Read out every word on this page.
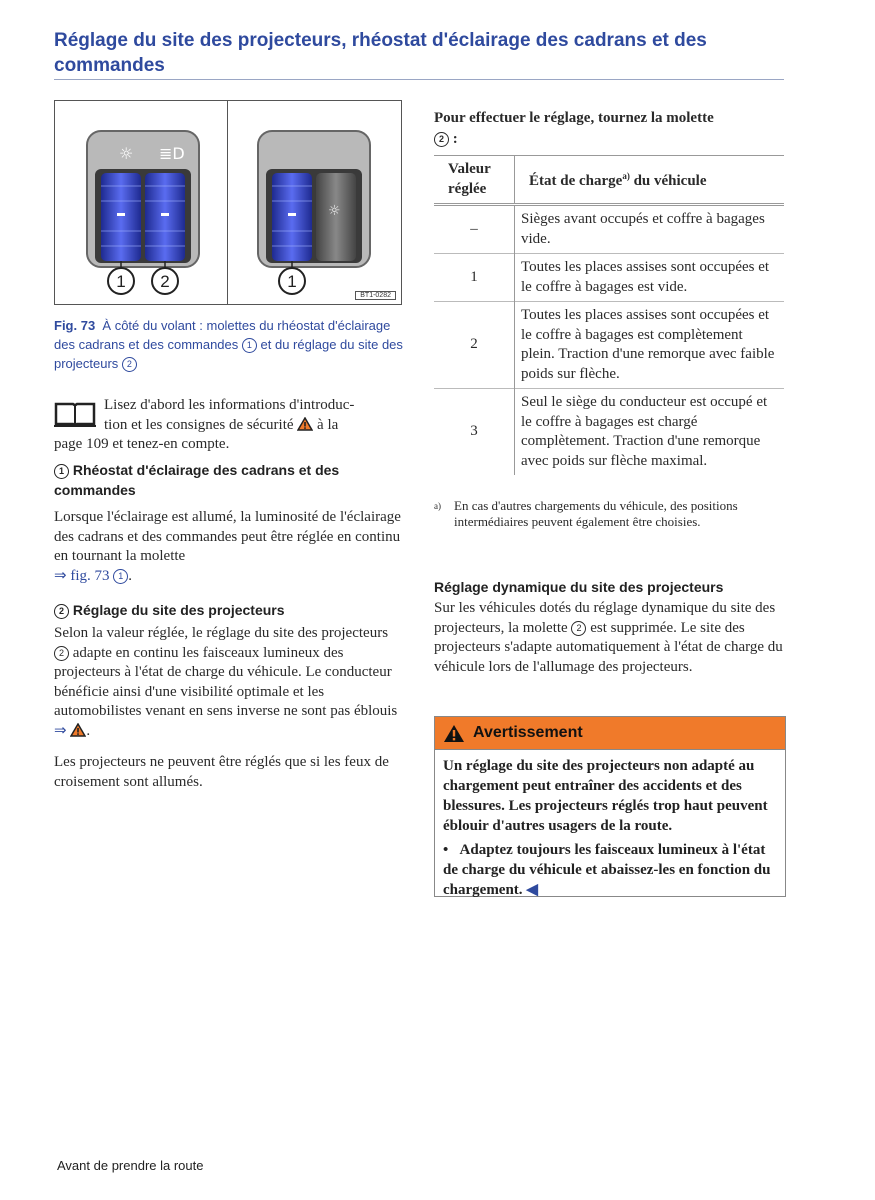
Réglage du site des projecteurs, rhéostat d'éclairage des cadrans et des commandes
☼ ≣D
1 2
☼
1
BT1-0282
Fig. 73 À côté du volant : molettes du rhéostat d'éclairage des cadrans et des commandes 1 et du réglage du site des projecteurs 2
Lisez d'abord les informations d'introduc-
tion et les consignes de sécurité à la
page 109 et tenez-en compte.
1 Rhéostat d'éclairage des cadrans et des commandes

Lorsque l'éclairage est allumé, la luminosité de l'éclairage des cadrans et des commandes peut être réglée en continu en tournant la molette
⇒ fig. 73 1 .

2 Réglage du site des projecteurs

Selon la valeur réglée, le réglage du site des projecteurs 2 adapte en continu les faisceaux lumineux des projecteurs à l'état de charge du véhicule. Le conducteur bénéficie ainsi d'une visibilité optimale et les automobilistes venant en sens inverse ne sont pas éblouis ⇒ .

Les projecteurs ne peuvent être réglés que si les feux de croisement sont allumés.

Pour effectuer le réglage, tournez la molette
2 :
Valeur réglée	État de charge$^{a)}$ du véhicule
–	Sièges avant occupés et coffre à bagages vide.
1	Toutes les places assises sont occupées et le coffre à bagages est vide.
2	Toutes les places assises sont occupées et le coffre à bagages est complètement plein. Traction d'une remorque avec faible poids sur flèche.
3	Seul le siège du conducteur est occupé et le coffre à bagages est chargé complètement. Traction d'une remorque avec poids sur flèche maximal.
a)	En cas d'autres chargements du véhicule, des positions intermédiaires peuvent également être choisies.
Réglage dynamique du site des projecteurs

Sur les véhicules dotés du réglage dynamique du site des projecteurs, la molette 2 est supprimée. Le site des projecteurs s'adapte automatiquement à l'état de charge du véhicule lors de l'allumage des projecteurs.

Avertissement

Un réglage du site des projecteurs non adapté au chargement peut entraîner des accidents et des blessures. Les projecteurs réglés trop haut peuvent éblouir d'autres usagers de la route.

• Adaptez toujours les faisceaux lumineux à l'état de charge du véhicule et abaissez-les en fonction du chargement. ◀

Avant de prendre la route
